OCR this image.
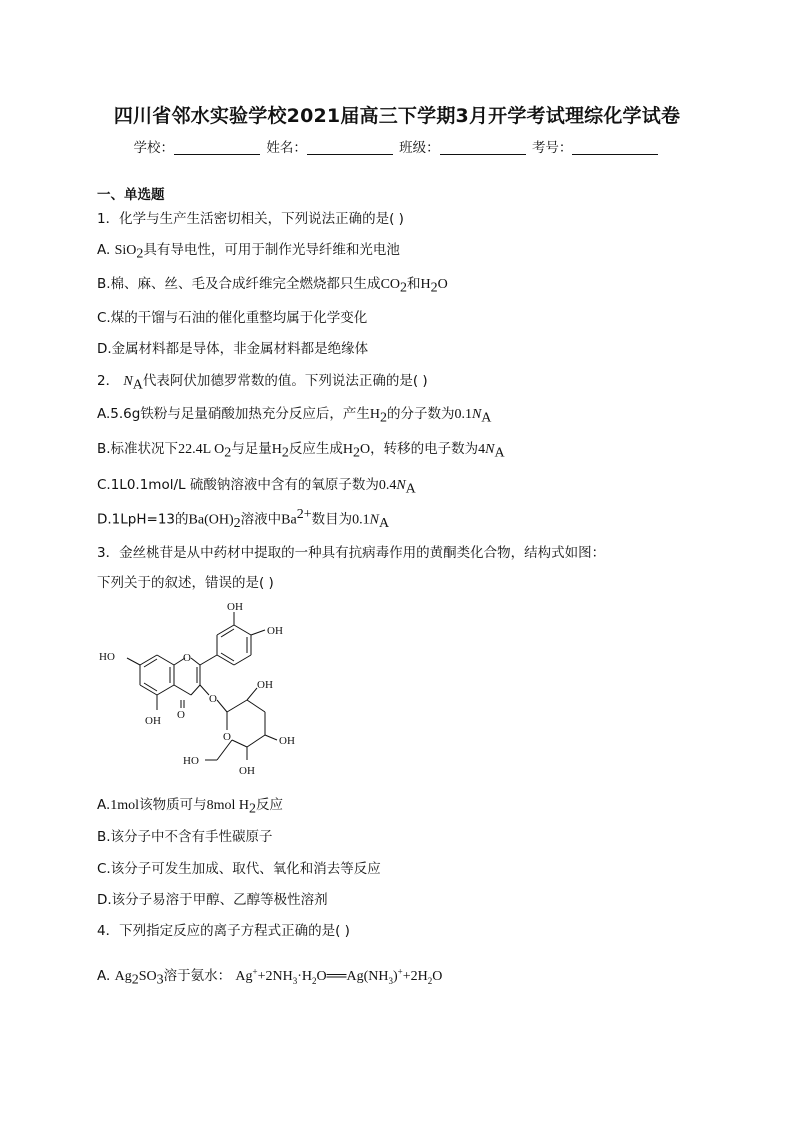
四川省邻水实验学校2021届高三下学期3月开学考试理综化学试卷
学校：	姓名：	班级：	考号：
一、单选题
1．化学与生产生活密切相关，下列说法正确的是( )
A. SiO$_2$具有导电性，可用于制作光导纤维和光电池
B.棉、麻、丝、毛及合成纤维完全燃烧都只生成$CO_2$和$H_2O$
C.煤的干馏与石油的催化重整均属于化学变化
D.金属材料都是导体，非金属材料都是绝缘体
2． $N_A$代表阿伏加德罗常数的值。下列说法正确的是( )
A.5.6g铁粉与足量硝酸加热充分反应后，产生$H_2$的分子数为$0.1N_A$
B.标准状况下22.4L $O_2$与足量$H_2$反应生成$H_2O$，转移的电子数为$4N_A$
C.1L0.1mol/L 硫酸钠溶液中含有的氧原子数为$0.4N_A$
D.1LpH=13的$Ba(OH)_2$溶液中$Ba^{2+}$数目为$0.1N_A$
3．金丝桃苷是从中药材中提取的一种具有抗病毒作用的黄酮类化合物，结构式如图：
下列关于的叙述，错误的是( )
HO
OH
O
O
OH
OH
O
O
OH
OH
OH
HO
A.1mol该物质可与8mol $H_2$反应
B.该分子中不含有手性碳原子
C.该分子可发生加成、取代、氧化和消去等反应
D.该分子易溶于甲醇、乙醇等极性溶剂
4．下列指定反应的离子方程式正确的是( )
A. $Ag_2SO_3$溶于氨水： $Ag^++2NH_3\cdot H_2O══Ag(NH_3)^++2H_2O$
